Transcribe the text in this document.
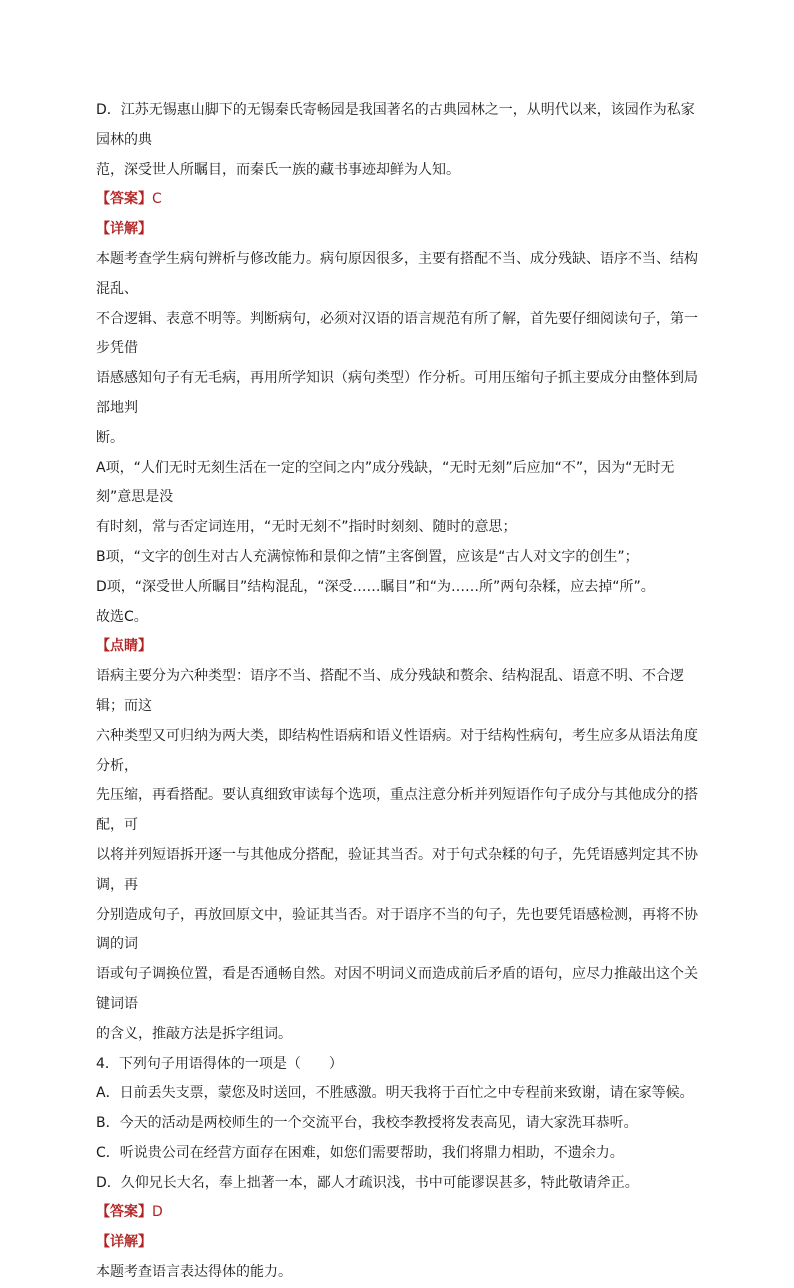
D．江苏无锡惠山脚下的无锡秦氏寄畅园是我国著名的古典园林之一，从明代以来，该园作为私家园林的典

范，深受世人所瞩目，而秦氏一族的藏书事迹却鲜为人知。

【答案】C

【详解】

本题考查学生病句辨析与修改能力。病句原因很多，主要有搭配不当、成分残缺、语序不当、结构混乱、

不合逻辑、表意不明等。判断病句，必须对汉语的语言规范有所了解，首先要仔细阅读句子，第一步凭借

语感感知句子有无毛病，再用所学知识（病句类型）作分析。可用压缩句子抓主要成分由整体到局部地判

断。

A项，“人们无时无刻生活在一定的空间之内”成分残缺，“无时无刻”后应加“不”，因为“无时无刻”意思是没

有时刻，常与否定词连用，“无时无刻不”指时时刻刻、随时的意思；

B项，“文字的创生对古人充满惊怖和景仰之情”主客倒置，应该是“古人对文字的创生”；

D项，“深受世人所瞩目”结构混乱，“深受……瞩目”和“为……所”两句杂糅，应去掉“所”。

故选C。

【点睛】

语病主要分为六种类型：语序不当、搭配不当、成分残缺和赘余、结构混乱、语意不明、不合逻辑；而这

六种类型又可归纳为两大类，即结构性语病和语义性语病。对于结构性病句，考生应多从语法角度分析，

先压缩，再看搭配。要认真细致审读每个选项，重点注意分析并列短语作句子成分与其他成分的搭配，可

以将并列短语拆开逐一与其他成分搭配，验证其当否。对于句式杂糅的句子，先凭语感判定其不协调，再

分别造成句子，再放回原文中，验证其当否。对于语序不当的句子，先也要凭语感检测，再将不协调的词

语或句子调换位置，看是否通畅自然。对因不明词义而造成前后矛盾的语句，应尽力推敲出这个关键词语

的含义，推敲方法是拆字组词。

4．下列句子用语得体的一项是（　　）

A．日前丢失支票，蒙您及时送回，不胜感激。明天我将于百忙之中专程前来致谢，请在家等候。

B．今天的活动是两校师生的一个交流平台，我校李教授将发表高见，请大家洗耳恭听。

C．听说贵公司在经营方面存在困难，如您们需要帮助，我们将鼎力相助，不遗余力。

D．久仰兄长大名，奉上拙著一本，鄙人才疏识浅，书中可能谬误甚多，特此敬请斧正。

【答案】D

【详解】

本题考查语言表达得体的能力。
